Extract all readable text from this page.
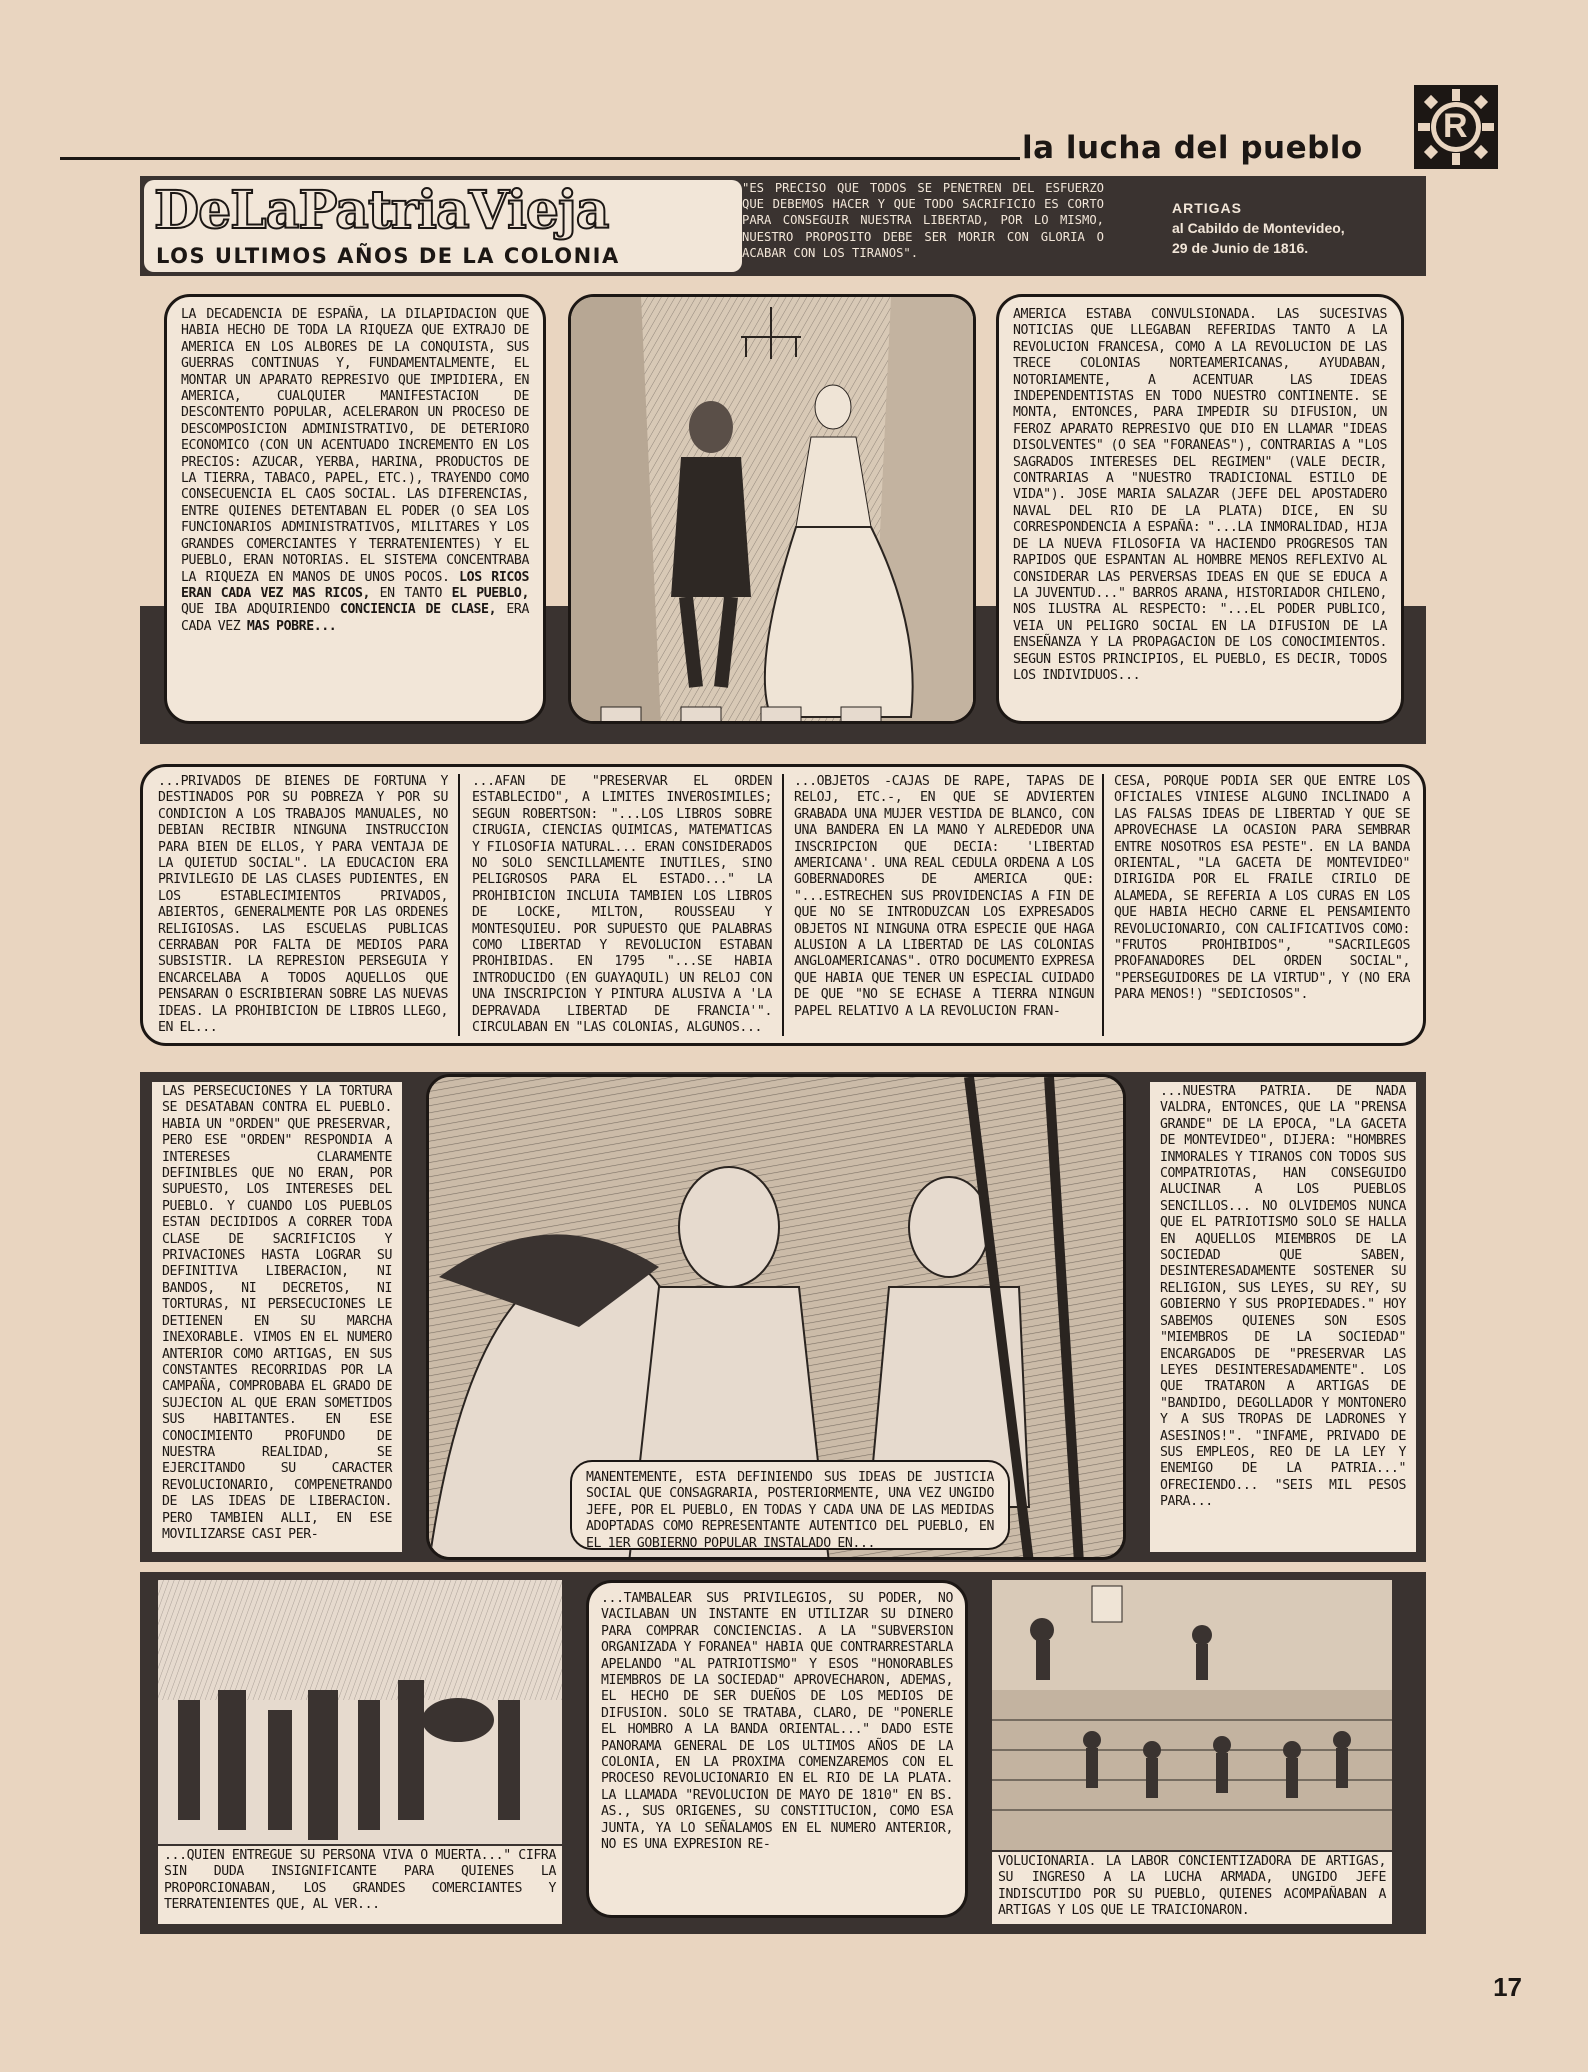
la lucha del pueblo
R
DeLaPatriaVieja
LOS ULTIMOS AÑOS DE LA COLONIA
"ES PRECISO QUE TODOS SE PENETREN DEL ESFUERZO QUE DEBEMOS HACER Y QUE TODO SACRIFICIO ES CORTO PARA CONSEGUIR NUESTRA LIBERTAD, POR LO MISMO, NUESTRO PROPOSITO DEBE SER MORIR CON GLORIA O ACABAR CON LOS TIRANOS".
ARTIGAS
al Cabildo de Montevideo,
29 de Junio de 1816.

LA DECADENCIA DE ESPAÑA, LA DILAPIDACION QUE HABIA HECHO DE TODA LA RIQUEZA QUE EXTRAJO DE AMERICA EN LOS ALBORES DE LA CONQUISTA, SUS GUERRAS CONTINUAS Y, FUNDAMENTALMENTE, EL MONTAR UN APARATO REPRESIVO QUE IMPIDIERA, EN AMERICA, CUALQUIER MANIFESTACION DE DESCONTENTO POPULAR, ACELERARON UN PROCESO DE DESCOMPOSICION ADMINISTRATIVO, DE DETERIORO ECONOMICO (CON UN ACENTUADO INCREMENTO EN LOS PRECIOS: AZUCAR, YERBA, HARINA, PRODUCTOS DE LA TIERRA, TABACO, PAPEL, ETC.), TRAYENDO COMO CONSECUENCIA EL CAOS SOCIAL. LAS DIFERENCIAS, ENTRE QUIENES DETENTABAN EL PODER (O SEA LOS FUNCIONARIOS ADMINISTRATIVOS, MILITARES Y LOS GRANDES COMERCIANTES Y TERRATENIENTES) Y EL PUEBLO, ERAN NOTORIAS. EL SISTEMA CONCENTRABA LA RIQUEZA EN MANOS DE UNOS POCOS. LOS RICOS ERAN CADA VEZ MAS RICOS, EN TANTO EL PUEBLO, QUE IBA ADQUIRIENDO CONCIENCIA DE CLASE, ERA CADA VEZ MAS POBRE...

AMERICA ESTABA CONVULSIONADA. LAS SUCESIVAS NOTICIAS QUE LLEGABAN REFERIDAS TANTO A LA REVOLUCION FRANCESA, COMO A LA REVOLUCION DE LAS TRECE COLONIAS NORTEAMERICANAS, AYUDABAN, NOTORIAMENTE, A ACENTUAR LAS IDEAS INDEPENDENTISTAS EN TODO NUESTRO CONTINENTE. SE MONTA, ENTONCES, PARA IMPEDIR SU DIFUSION, UN FEROZ APARATO REPRESIVO QUE DIO EN LLAMAR "IDEAS DISOLVENTES" (O SEA "FORANEAS"), CONTRARIAS A "LOS SAGRADOS INTERESES DEL REGIMEN" (VALE DECIR, CONTRARIAS A "NUESTRO TRADICIONAL ESTILO DE VIDA"). JOSE MARIA SALAZAR (JEFE DEL APOSTADERO NAVAL DEL RIO DE LA PLATA) DICE, EN SU CORRESPONDENCIA A ESPAÑA: "...LA INMORALIDAD, HIJA DE LA NUEVA FILOSOFIA VA HACIENDO PROGRESOS TAN RAPIDOS QUE ESPANTAN AL HOMBRE MENOS REFLEXIVO AL CONSIDERAR LAS PERVERSAS IDEAS EN QUE SE EDUCA A LA JUVENTUD..." BARROS ARANA, HISTORIADOR CHILENO, NOS ILUSTRA AL RESPECTO: "...EL PODER PUBLICO, VEIA UN PELIGRO SOCIAL EN LA DIFUSION DE LA ENSEÑANZA Y LA PROPAGACION DE LOS CONOCIMIENTOS. SEGUN ESTOS PRINCIPIOS, EL PUEBLO, ES DECIR, TODOS LOS INDIVIDUOS...

...PRIVADOS DE BIENES DE FORTUNA Y DESTINADOS POR SU POBREZA Y POR SU CONDICION A LOS TRABAJOS MANUALES, NO DEBIAN RECIBIR NINGUNA INSTRUCCION PARA BIEN DE ELLOS, Y PARA VENTAJA DE LA QUIETUD SOCIAL". LA EDUCACION ERA PRIVILEGIO DE LAS CLASES PUDIENTES, EN LOS ESTABLECIMIENTOS PRIVADOS, ABIERTOS, GENERALMENTE POR LAS ORDENES RELIGIOSAS. LAS ESCUELAS PUBLICAS CERRABAN POR FALTA DE MEDIOS PARA SUBSISTIR. LA REPRESION PERSEGUIA Y ENCARCELABA A TODOS AQUELLOS QUE PENSARAN O ESCRIBIERAN SOBRE LAS NUEVAS IDEAS. LA PROHIBICION DE LIBROS LLEGO, EN EL...
...AFAN DE "PRESERVAR EL ORDEN ESTABLECIDO", A LIMITES INVEROSIMILES; SEGUN ROBERTSON: "...LOS LIBROS SOBRE CIRUGIA, CIENCIAS QUIMICAS, MATEMATICAS Y FILOSOFIA NATURAL... ERAN CONSIDERADOS NO SOLO SENCILLAMENTE INUTILES, SINO PELIGROSOS PARA EL ESTADO..." LA PROHIBICION INCLUIA TAMBIEN LOS LIBROS DE LOCKE, MILTON, ROUSSEAU Y MONTESQUIEU. POR SUPUESTO QUE PALABRAS COMO LIBERTAD Y REVOLUCION ESTABAN PROHIBIDAS. EN 1795 "...SE HABIA INTRODUCIDO (EN GUAYAQUIL) UN RELOJ CON UNA INSCRIPCION Y PINTURA ALUSIVA A 'LA DEPRAVADA LIBERTAD DE FRANCIA'". CIRCULABAN EN "LAS COLONIAS, ALGUNOS...
...OBJETOS -CAJAS DE RAPE, TAPAS DE RELOJ, ETC.-, EN QUE SE ADVIERTEN GRABADA UNA MUJER VESTIDA DE BLANCO, CON UNA BANDERA EN LA MANO Y ALREDEDOR UNA INSCRIPCION QUE DECIA: 'LIBERTAD AMERICANA'. UNA REAL CEDULA ORDENA A LOS GOBERNADORES DE AMERICA QUE: "...ESTRECHEN SUS PROVIDENCIAS A FIN DE QUE NO SE INTRODUZCAN LOS EXPRESADOS OBJETOS NI NINGUNA OTRA ESPECIE QUE HAGA ALUSION A LA LIBERTAD DE LAS COLONIAS ANGLOAMERICANAS". OTRO DOCUMENTO EXPRESA QUE HABIA QUE TENER UN ESPECIAL CUIDADO DE QUE "NO SE ECHASE A TIERRA NINGUN PAPEL RELATIVO A LA REVOLUCION FRAN-
CESA, PORQUE PODIA SER QUE ENTRE LOS OFICIALES VINIESE ALGUNO INCLINADO A LAS FALSAS IDEAS DE LIBERTAD Y QUE SE APROVECHASE LA OCASION PARA SEMBRAR ENTRE NOSOTROS ESA PESTE". EN LA BANDA ORIENTAL, "LA GACETA DE MONTEVIDEO" DIRIGIDA POR EL FRAILE CIRILO DE ALAMEDA, SE REFERIA A LOS CURAS EN LOS QUE HABIA HECHO CARNE EL PENSAMIENTO REVOLUCIONARIO, CON CALIFICATIVOS COMO: "FRUTOS PROHIBIDOS", "SACRILEGOS PROFANADORES DEL ORDEN SOCIAL", "PERSEGUIDORES DE LA VIRTUD", Y (NO ERA PARA MENOS!) "SEDICIOSOS".
LAS PERSECUCIONES Y LA TORTURA SE DESATABAN CONTRA EL PUEBLO. HABIA UN "ORDEN" QUE PRESERVAR, PERO ESE "ORDEN" RESPONDIA A INTERESES CLARAMENTE DEFINIBLES QUE NO ERAN, POR SUPUESTO, LOS INTERESES DEL PUEBLO. Y CUANDO LOS PUEBLOS ESTAN DECIDIDOS A CORRER TODA CLASE DE SACRIFICIOS Y PRIVACIONES HASTA LOGRAR SU DEFINITIVA LIBERACION, NI BANDOS, NI DECRETOS, NI TORTURAS, NI PERSECUCIONES LE DETIENEN EN SU MARCHA INEXORABLE. VIMOS EN EL NUMERO ANTERIOR COMO ARTIGAS, EN SUS CONSTANTES RECORRIDAS POR LA CAMPAÑA, COMPROBABA EL GRADO DE SUJECION AL QUE ERAN SOMETIDOS SUS HABITANTES. EN ESE CONOCIMIENTO PROFUNDO DE NUESTRA REALIDAD, SE EJERCITANDO SU CARACTER REVOLUCIONARIO, COMPENETRANDO DE LAS IDEAS DE LIBERACION. PERO TAMBIEN ALLI, EN ESE MOVILIZARSE CASI PER-
MANENTEMENTE, ESTA DEFINIENDO SUS IDEAS DE JUSTICIA SOCIAL QUE CONSAGRARIA, POSTERIORMENTE, UNA VEZ UNGIDO JEFE, POR EL PUEBLO, EN TODAS Y CADA UNA DE LAS MEDIDAS ADOPTADAS COMO REPRESENTANTE AUTENTICO DEL PUEBLO, EN EL 1ER GOBIERNO POPULAR INSTALADO EN...
...NUESTRA PATRIA. DE NADA VALDRA, ENTONCES, QUE LA "PRENSA GRANDE" DE LA EPOCA, "LA GACETA DE MONTEVIDEO", DIJERA: "HOMBRES INMORALES Y TIRANOS CON TODOS SUS COMPATRIOTAS, HAN CONSEGUIDO ALUCINAR A LOS PUEBLOS SENCILLOS... NO OLVIDEMOS NUNCA QUE EL PATRIOTISMO SOLO SE HALLA EN AQUELLOS MIEMBROS DE LA SOCIEDAD QUE SABEN, DESINTERESADAMENTE SOSTENER SU RELIGION, SUS LEYES, SU REY, SU GOBIERNO Y SUS PROPIEDADES." HOY SABEMOS QUIENES SON ESOS "MIEMBROS DE LA SOCIEDAD" ENCARGADOS DE "PRESERVAR LAS LEYES DESINTERESADAMENTE". LOS QUE TRATARON A ARTIGAS DE "BANDIDO, DEGOLLADOR Y MONTONERO Y A SUS TROPAS DE LADRONES Y ASESINOS!". "INFAME, PRIVADO DE SUS EMPLEOS, REO DE LA LEY Y ENEMIGO DE LA PATRIA..." OFRECIENDO... "SEIS MIL PESOS PARA...
...QUIEN ENTREGUE SU PERSONA VIVA O MUERTA..." CIFRA SIN DUDA INSIGNIFICANTE PARA QUIENES LA PROPORCIONABAN, LOS GRANDES COMERCIANTES Y TERRATENIENTES QUE, AL VER...
...TAMBALEAR SUS PRIVILEGIOS, SU PODER, NO VACILABAN UN INSTANTE EN UTILIZAR SU DINERO PARA COMPRAR CONCIENCIAS. A LA "SUBVERSION ORGANIZADA Y FORANEA" HABIA QUE CONTRARRESTARLA APELANDO "AL PATRIOTISMO" Y ESOS "HONORABLES MIEMBROS DE LA SOCIEDAD" APROVECHARON, ADEMAS, EL HECHO DE SER DUEÑOS DE LOS MEDIOS DE DIFUSION. SOLO SE TRATABA, CLARO, DE "PONERLE EL HOMBRO A LA BANDA ORIENTAL..." DADO ESTE PANORAMA GENERAL DE LOS ULTIMOS AÑOS DE LA COLONIA, EN LA PROXIMA COMENZAREMOS CON EL PROCESO REVOLUCIONARIO EN EL RIO DE LA PLATA. LA LLAMADA "REVOLUCION DE MAYO DE 1810" EN BS. AS., SUS ORIGENES, SU CONSTITUCION, COMO ESA JUNTA, YA LO SEÑALAMOS EN EL NUMERO ANTERIOR, NO ES UNA EXPRESION RE-
VOLUCIONARIA. LA LABOR CONCIENTIZADORA DE ARTIGAS, SU INGRESO A LA LUCHA ARMADA, UNGIDO JEFE INDISCUTIDO POR SU PUEBLO, QUIENES ACOMPAÑABAN A ARTIGAS Y LOS QUE LE TRAICIONARON.
17
